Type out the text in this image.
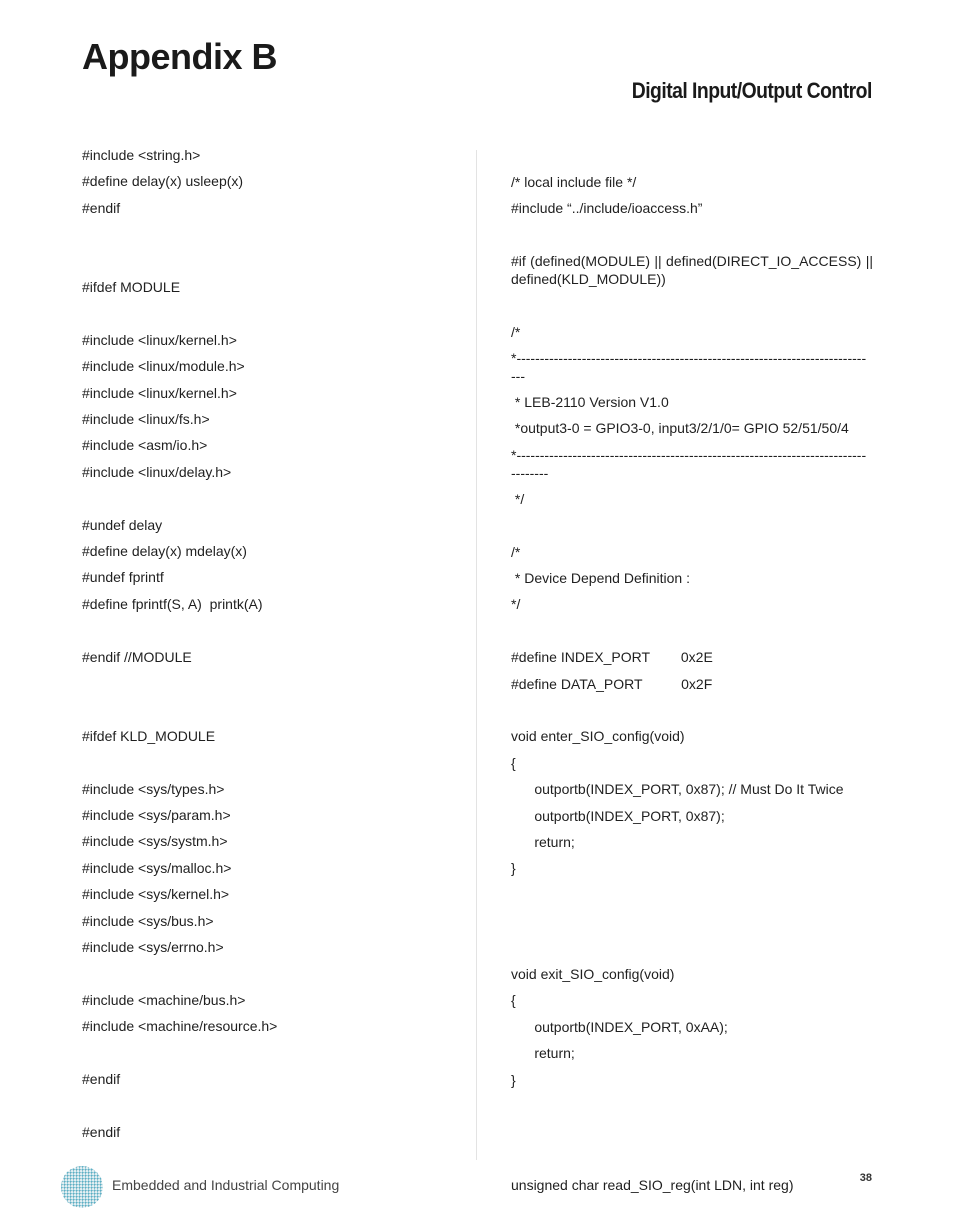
Appendix B
Digital Input/Output Control
#include <string.h>
#define delay(x) usleep(x)
#endif
#ifdef MODULE
#include <linux/kernel.h>
#include <linux/module.h>
#include <linux/kernel.h>
#include <linux/fs.h>
#include <asm/io.h>
#include <linux/delay.h>
#undef delay
#define delay(x) mdelay(x)
#undef fprintf
#define fprintf(S, A)  printk(A)
#endif //MODULE
#ifdef KLD_MODULE
#include <sys/types.h>
#include <sys/param.h>
#include <sys/systm.h>
#include <sys/malloc.h>
#include <sys/kernel.h>
#include <sys/bus.h>
#include <sys/errno.h>
#include <machine/bus.h>
#include <machine/resource.h>
#endif
#endif
/* local include file */
#include “../include/ioaccess.h”
#if (defined(MODULE) || defined(DIRECT_IO_ACCESS) || defined(KLD_MODULE))
/*
*--------------------------------------------------------------------------- ---
* LEB-2110 Version V1.0
*output3-0 = GPIO3-0, input3/2/1/0= GPIO 52/51/50/4
*--------------------------------------------------------------------------- --------
*/
/*
* Device Depend Definition :
*/
#define INDEX_PORT        0x2E
#define DATA_PORT          0x2F
void enter_SIO_config(void)
{
outportb(INDEX_PORT, 0x87); // Must Do It Twice
outportb(INDEX_PORT, 0x87);
return;
}
void exit_SIO_config(void)
{
outportb(INDEX_PORT, 0xAA);
return;
}
unsigned char read_SIO_reg(int LDN, int reg)
Embedded and Industrial Computing	38
